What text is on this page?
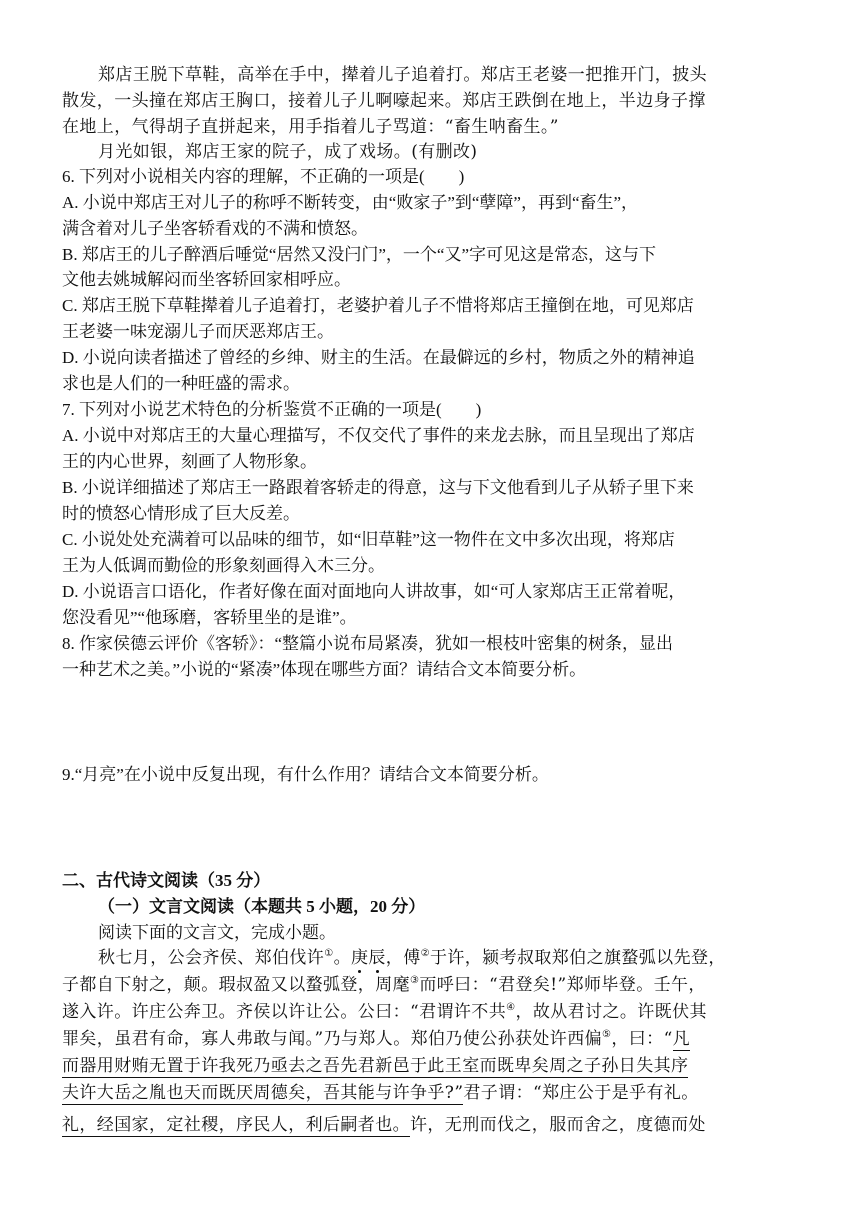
郑店王脱下草鞋，高举在手中，撵着儿子追着打。郑店王老婆一把推开门，披头
散发，一头撞在郑店王胸口，接着儿子儿啊嚎起来。郑店王跌倒在地上，半边身子撑
在地上，气得胡子直拼起来，用手指着儿子骂道：“畜生呐畜生。”
月光如银，郑店王家的院子，成了戏场。(有删改)
6. 下列对小说相关内容的理解，不正确的一项是(　　)
A. 小说中郑店王对儿子的称呼不断转变，由“败家子”到“孽障”，再到“畜生”，
满含着对儿子坐客轿看戏的不满和愤怒。
B. 郑店王的儿子醉酒后唾觉“居然又没闩门”，一个“又”字可见这是常态，这与下
文他去姚城解闷而坐客轿回家相呼应。
C. 郑店王脱下草鞋撵着儿子追着打，老婆护着儿子不惜将郑店王撞倒在地，可见郑店
王老婆一味宠溺儿子而厌恶郑店王。
D. 小说向读者描述了曾经的乡绅、财主的生活。在最僻远的乡村，物质之外的精神追
求也是人们的一种旺盛的需求。
7. 下列对小说艺术特色的分析鉴赏不正确的一项是(　　)
A. 小说中对郑店王的大量心理描写，不仅交代了事件的来龙去脉，而且呈现出了郑店
王的内心世界，刻画了人物形象。
B. 小说详细描述了郑店王一路跟着客轿走的得意，这与下文他看到儿子从轿子里下来
时的愤怒心情形成了巨大反差。
C. 小说处处充满着可以品味的细节，如“旧草鞋”这一物件在文中多次出现，将郑店
王为人低调而勤俭的形象刻画得入木三分。
D. 小说语言口语化，作者好像在面对面地向人讲故事，如“可人家郑店王正常着呢，
您没看见”“他琢磨，客轿里坐的是谁”。
8. 作家侯德云评价《客轿》：“整篇小说布局紧凑，犹如一根枝叶密集的树条，显出
一种艺术之美。”小说的“紧凑”体现在哪些方面？请结合文本简要分析。
9.“月亮”在小说中反复出现，有什么作用？请结合文本简要分析。
二、古代诗文阅读（35 分）
（一）文言文阅读（本题共 5 小题，20 分）
阅读下面的文言文，完成小题。
秋七月，公会齐侯、郑伯伐许①。庚辰，傅②于许，颍考叔取郑伯之旗蝥弧以先登，
子都自下射之，颠。瑕叔盈又以蝥弧登，周麾③而呼曰：“君登矣!”郑师毕登。壬午，
遂入许。许庄公奔卫。齐侯以许让公。公曰：“君谓许不共④，故从君讨之。许既伏其
罪矣，虽君有命，寡人弗敢与闻。”乃与郑人。郑伯乃使公孙获处许西偏⑤，曰：“凡
而器用财贿无置于许我死乃亟去之吾先君新邑于此王室而既卑矣周之子孙日失其序
夫许大岳之胤也天而既厌周德矣，吾其能与许争乎?”君子谓：“郑庄公于是乎有礼。
礼，经国家，定社稷，序民人，利后嗣者也。许，无刑而伐之，服而舍之，度德而处
